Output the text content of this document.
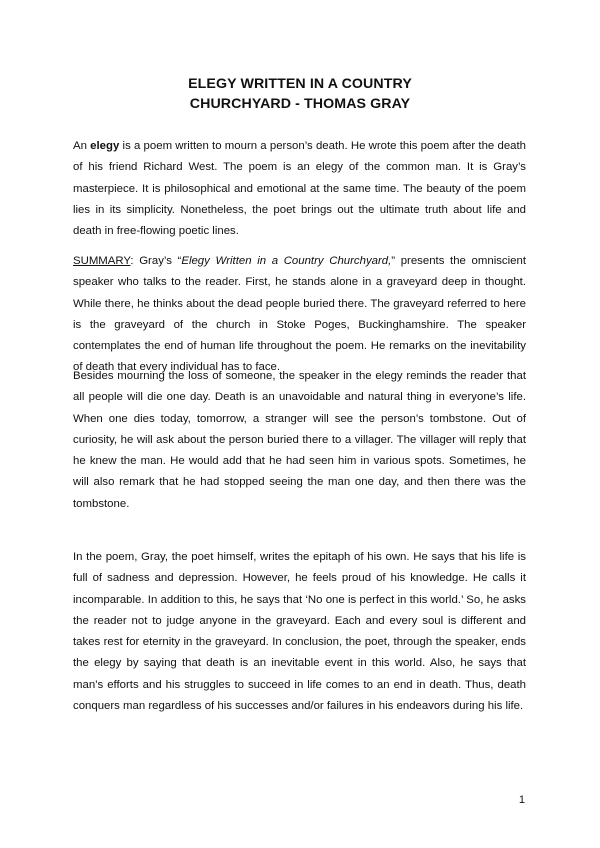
ELEGY WRITTEN IN A COUNTRY
CHURCHYARD - THOMAS GRAY

An elegy is a poem written to mourn a person’s death. He wrote this poem after the death of his friend Richard West. The poem is an elegy of the common man. It is Gray’s masterpiece. It is philosophical and emotional at the same time. The beauty of the poem lies in its simplicity. Nonetheless, the poet brings out the ultimate truth about life and death in free-flowing poetic lines.

SUMMARY: Gray’s “Elegy Written in a Country Churchyard,” presents the omniscient speaker who talks to the reader. First, he stands alone in a graveyard deep in thought. While there, he thinks about the dead people buried there. The graveyard referred to here is the graveyard of the church in Stoke Poges, Buckinghamshire. The speaker contemplates the end of human life throughout the poem. He remarks on the inevitability of death that every individual has to face.

Besides mourning the loss of someone, the speaker in the elegy reminds the reader that all people will die one day. Death is an unavoidable and natural thing in everyone’s life. When one dies today, tomorrow, a stranger will see the person’s tombstone. Out of curiosity, he will ask about the person buried there to a villager. The villager will reply that he knew the man. He would add that he had seen him in various spots. Sometimes, he will also remark that he had stopped seeing the man one day, and then there was the tombstone.

In the poem, Gray, the poet himself, writes the epitaph of his own. He says that his life is full of sadness and depression. However, he feels proud of his knowledge. He calls it incomparable. In addition to this, he says that ‘No one is perfect in this world.’ So, he asks the reader not to judge anyone in the graveyard. Each and every soul is different and takes rest for eternity in the graveyard. In conclusion, the poet, through the speaker, ends the elegy by saying that death is an inevitable event in this world. Also, he says that man’s efforts and his struggles to succeed in life comes to an end in death. Thus, death conquers man regardless of his successes and/or failures in his endeavors during his life.

1
